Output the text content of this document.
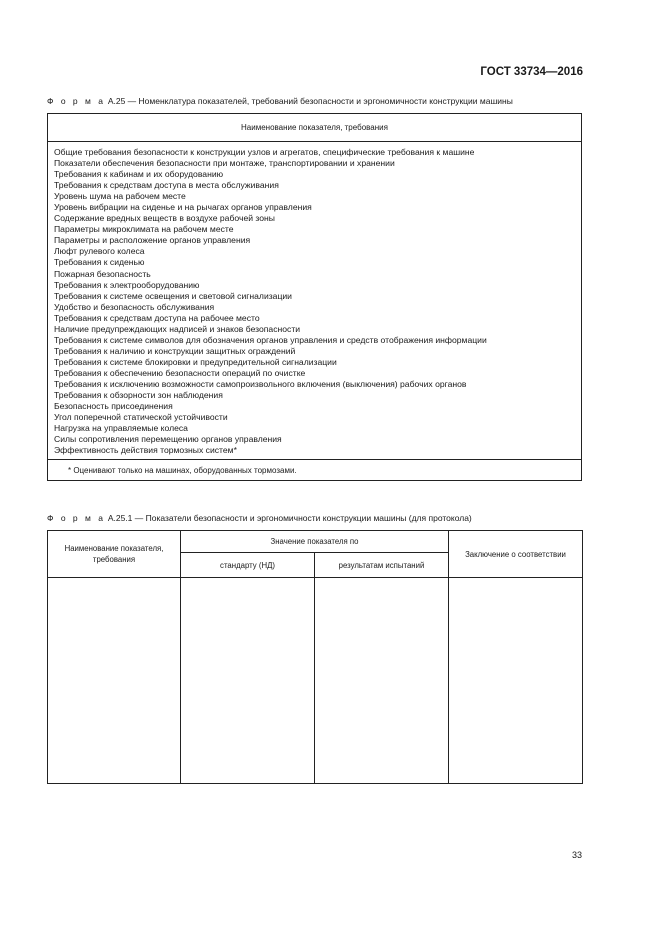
ГОСТ 33734—2016
Ф о р м а А.25 — Номенклатура показателей, требований безопасности и эргономичности конструкции машины
Наименование показателя, требования

Общие требования безопасности к конструкции узлов и агрегатов, специфические требования к машине
Показатели обеспечения безопасности при монтаже, транспортировании и хранении
Требования к кабинам и их оборудованию
Требования к средствам доступа в места обслуживания
Уровень шума на рабочем месте
Уровень вибрации на сиденье и на рычагах органов управления
Содержание вредных веществ в воздухе рабочей зоны
Параметры микроклимата на рабочем месте
Параметры и расположение органов управления
Люфт рулевого колеса
Требования к сиденью
Пожарная безопасность
Требования к электрооборудованию
Требования к системе освещения и световой сигнализации
Удобство и безопасность обслуживания
Требования к средствам доступа на рабочее место
Наличие предупреждающих надписей и знаков безопасности
Требования к системе символов для обозначения органов управления и средств отображения информации
Требования к наличию и конструкции защитных ограждений
Требования к системе блокировки и предупредительной сигнализации
Требования к обеспечению безопасности операций по очистке
Требования к исключению возможности самопроизвольного включения (выключения) рабочих органов
Требования к обзорности зон наблюдения
Безопасность присоединения
Угол поперечной статической устойчивости
Нагрузка на управляемые колеса
Силы сопротивления перемещению органов управления
Эффективность действия тормозных систем*

* Оценивают только на машинах, оборудованных тормозами.
Ф о р м а А.25.1 — Показатели безопасности и эргономичности конструкции машины (для протокола)
Наименование показателя, требования	Значение показателя по		Заключение о соответствии
	стандарту (НД)	результатам испытаний	

33
